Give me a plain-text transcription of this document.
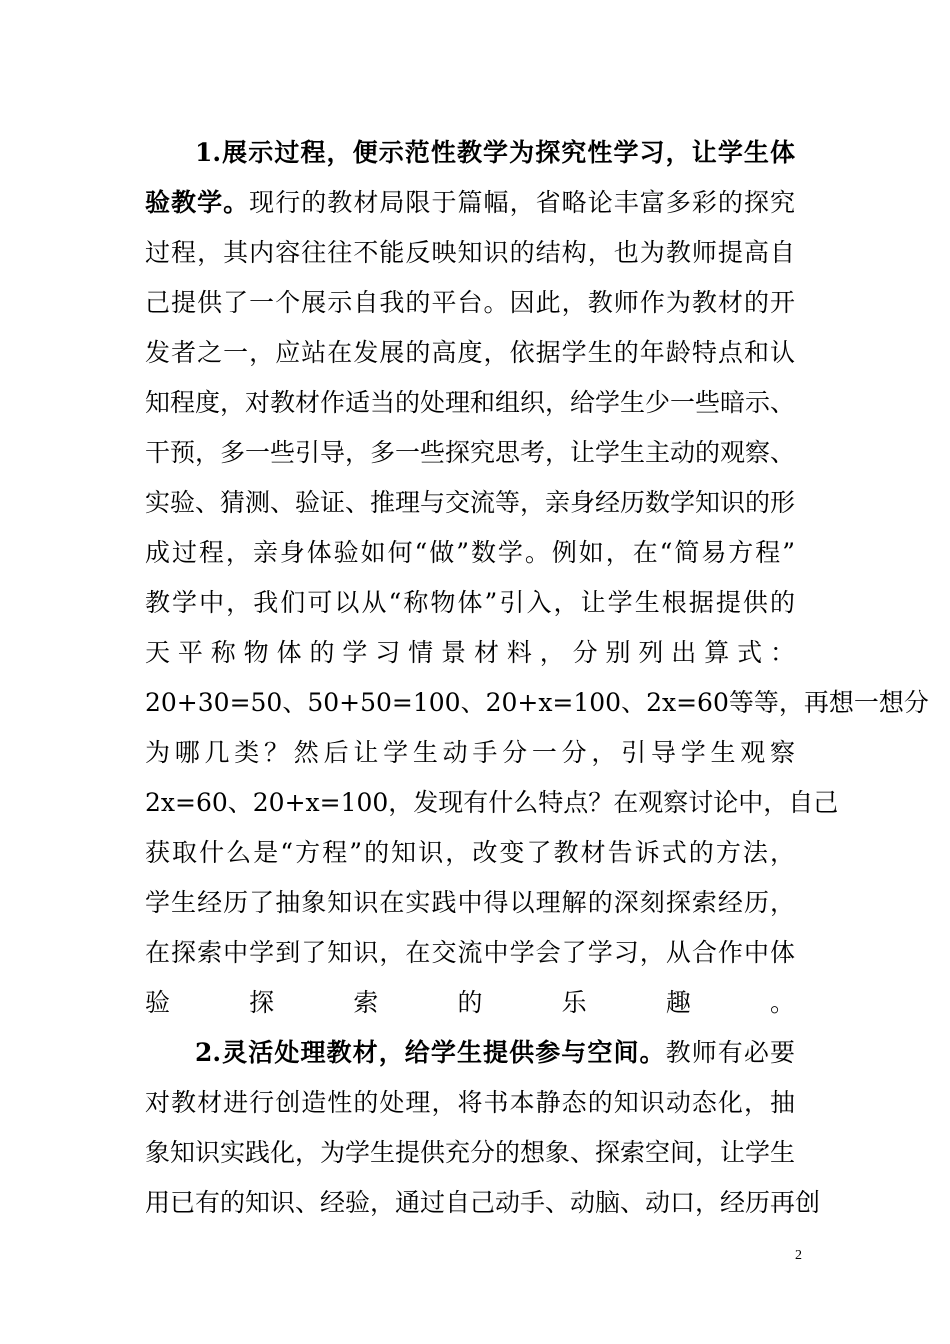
1.展示过程，便示范性教学为探究性学习，让学生体
验教学。现行的教材局限于篇幅，省略论丰富多彩的探究
过程，其内容往往不能反映知识的结构，也为教师提高自
己提供了一个展示自我的平台。因此，教师作为教材的开
发者之一，应站在发展的高度，依据学生的年龄特点和认
知程度，对教材作适当的处理和组织，给学生少一些暗示、
干预，多一些引导，多一些探究思考，让学生主动的观察、
实验、猜测、验证、推理与交流等，亲身经历数学知识的形
成过程，亲身体验如何“做”数学。例如，在“简易方程”
教学中，我们可以从“称物体”引入，让学生根据提供的
天平称物体的学习情景材料，分别列出算式：
20+30=50、50+50=100、20+x=100、2x=60等等，再想一想分
为哪几类？然后让学生动手分一分，引导学生观察
2x=60、20+x=100，发现有什么特点？在观察讨论中，自己
获取什么是“方程”的知识，改变了教材告诉式的方法，
学生经历了抽象知识在实践中得以理解的深刻探索经历，
在探索中学到了知识，在交流中学会了学习，从合作中体
验探索的乐趣。
2.灵活处理教材，给学生提供参与空间。教师有必要
对教材进行创造性的处理，将书本静态的知识动态化，抽
象知识实践化，为学生提供充分的想象、探索空间，让学生
用已有的知识、经验，通过自己动手、动脑、动口，经历再创
2
